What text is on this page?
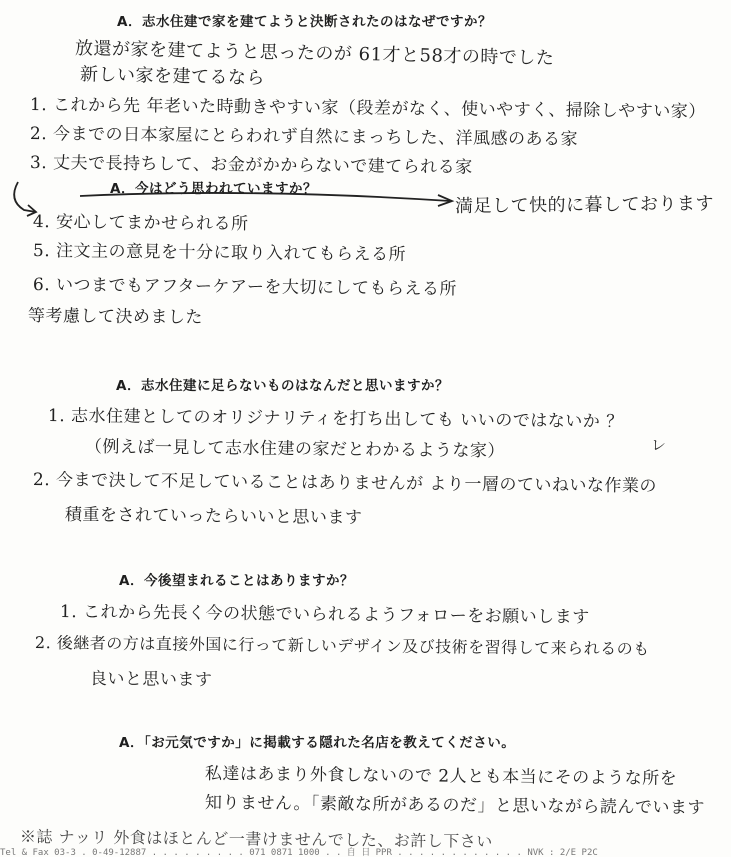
A．志水住建で家を建てようと決断されたのはなぜですか？
放還が家を建てようと思ったのが 61才と58才の時でした
新しい家を建てるなら
1. これから先 年老いた時動きやすい家（段差がなく、使いやすく、掃除しやすい家）
2. 今までの日本家屋にとらわれず自然にまっちした、洋風感のある家
3. 丈夫で長持ちして、お金がかからないで建てられる家
A．今はどう思われていますか？
満足して快的に暮しております
4. 安心してまかせられる所
5. 注文主の意見を十分に取り入れてもらえる所
6. いつまでもアフターケアーを大切にしてもらえる所
等考慮して決めました
A．志水住建に足らないものはなんだと思いますか？
1. 志水住建としてのオリジナリティを打ち出しても いいのではないか ？
（例えば一見して志水住建の家だとわかるような家）	レ
2. 今まで決して不足していることはありませんが より一層のていねいな作業の
積重をされていったらいいと思います
A．今後望まれることはありますか？
1. これから先長く今の状態でいられるようフォローをお願いします
2. 後継者の方は直接外国に行って新しいデザイン及び技術を習得して来られるのも
良いと思います
A．「お元気ですか」に掲載する隠れた名店を教えてください。
私達はあまり外食しないので 2人とも本当にそのような所を
知りません。「素敵な所があるのだ」と思いながら読んでいます
※誌 ナッリ 外食はほとんど一書けませんでした、お許し下さい
Tel & Fax 03-3 . 0-49-12887 . . . . . . . . . 071 0871 1000 . . 自 日 PPR . . . . . . . . . . . . NVK : 2/E P2C
